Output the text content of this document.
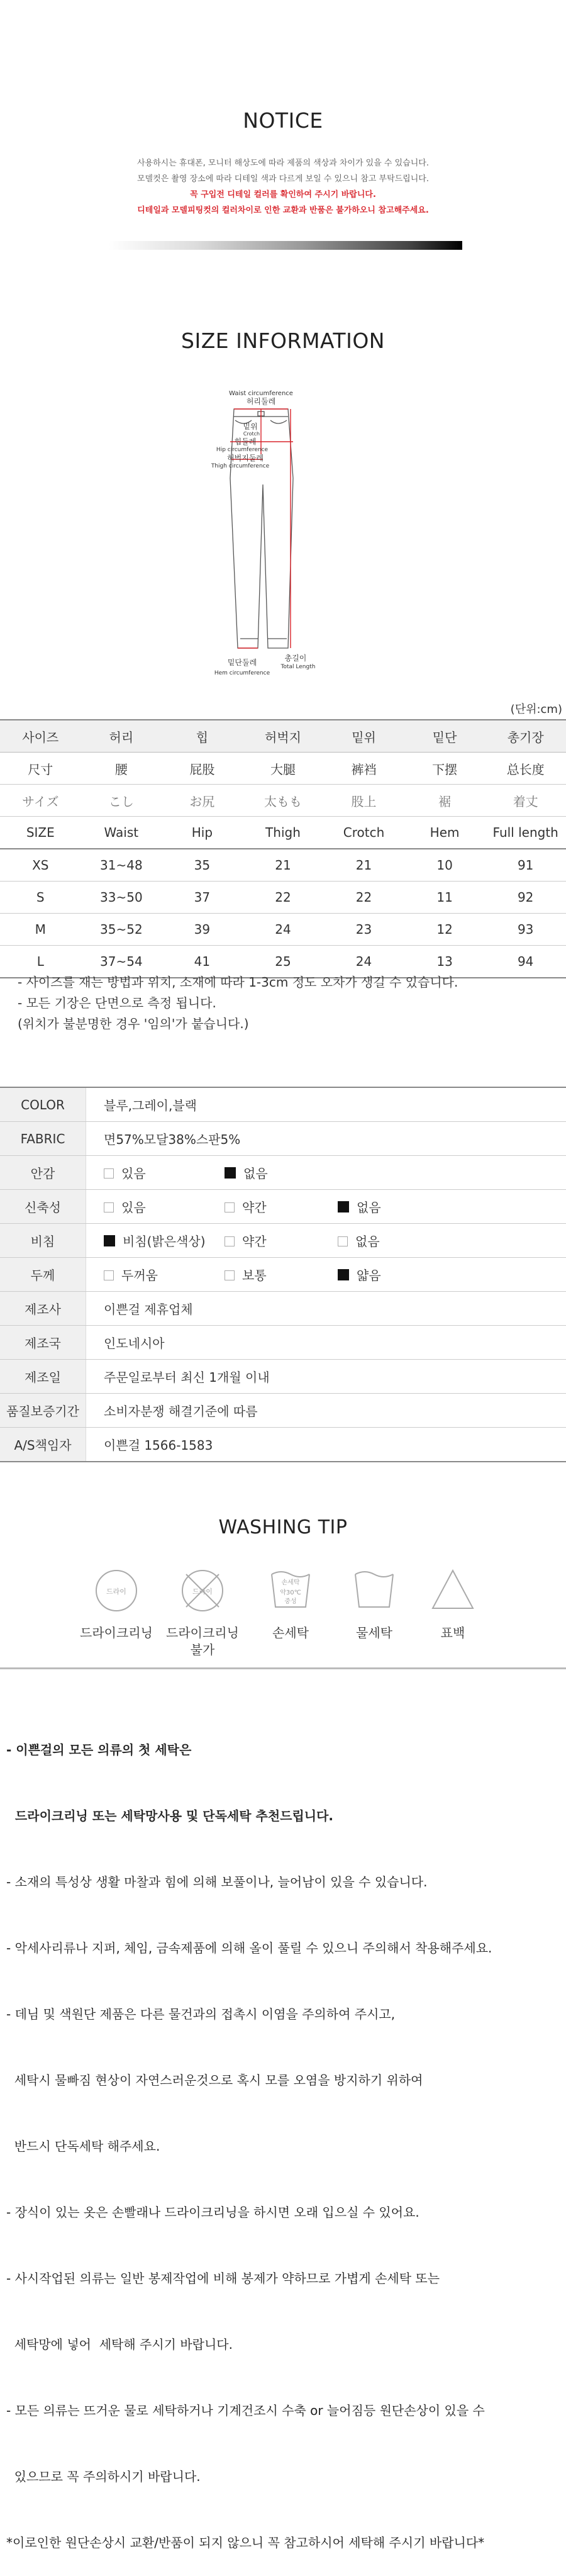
NOTICE
사용하시는 휴대폰, 모니터 해상도에 따라 제품의 색상과 차이가 있을 수 있습니다.
모델컷은 촬영 장소에 따라 디테일 색과 다르게 보일 수 있으니 참고 부탁드립니다.
꼭 구입전 디테일 컬러를 확인하여 주시기 바랍니다.
디테일과 모델피팅컷의 컬러차이로 인한 교환과 반품은 불가하오니 참고해주세요.
SIZE INFORMATION
Waist circumference
허리둘레
밑위
Crotch
힙둘레
Hip circumference
허벅지둘레
Thigh circumference
밑단둘레
Hem circumference
총길이
Total Length
(단위:cm)
사이즈	허리	힙	허벅지	밑위	밑단	총기장
尺寸	腰	屁股	大腿	裤裆	下摆	总长度
サイズ	こし	お尻	太もも	股上	裾	着丈
SIZE	Waist	Hip	Thigh	Crotch	Hem	Full length
XS	31~48	35	21	21	10	91
S	33~50	37	22	22	11	92
M	35~52	39	24	23	12	93
L	37~54	41	25	24	13	94
- 사이즈를 재는 방법과 위치, 소재에 따라 1-3cm 정도 오차가 생길 수 있습니다.
- 모든 기장은 단면으로 측정 됩니다.
(위치가 불분명한 경우 '임의'가 붙습니다.)
COLOR	블루,그레이,블랙
FABRIC	면57%모달38%스판5%
안감	있음 없음
신축성	있음 약간 없음
비침	비침(밝은색상) 약간 없음
두께	두꺼움 보통 얇음
제조사	이쁜걸 제휴업체
제조국	인도네시아
제조일	주문일로부터 최신 1개월 이내
품질보증기간	소비자분쟁 해결기준에 따름
A/S책임자	이쁜걸 1566-1583
WASHING TIP
드라이
드라이크리닝
드라이
드라이크리닝
불가
손세탁
약30℃
중성
손세탁	물세탁	표백

- 이쁜걸의 모든 의류의 첫 세탁은

드라이크리닝 또는 세탁망사용 및 단독세탁 추천드립니다.

- 소재의 특성상 생활 마찰과 힘에 의해 보풀이나, 늘어남이 있을 수 있습니다.

- 악세사리류나 지퍼, 체임, 금속제품에 의해 올이 풀릴 수 있으니 주의해서 착용해주세요.

- 데님 및 색원단 제품은 다른 물건과의 접촉시 이염을 주의하여 주시고,

세탁시 물빠짐 현상이 자연스러운것으로 혹시 모를 오염을 방지하기 위하여

반드시 단독세탁 해주세요.

- 장식이 있는 옷은 손빨래나 드라이크리닝을 하시면 오래 입으실 수 있어요.

- 사시작업된 의류는 일반 봉제작업에 비해 봉제가 약하므로 가볍게 손세탁 또는

세탁망에 넣어  세탁해 주시기 바랍니다.

- 모든 의류는 뜨거운 물로 세탁하거나 기계건조시 수축 or 늘어짐등 원단손상이 있을 수

있으므로 꼭 주의하시기 바랍니다.

*이로인한 원단손상시 교환/반품이 되지 않으니 꼭 참고하시어 세탁해 주시기 바랍니다*
